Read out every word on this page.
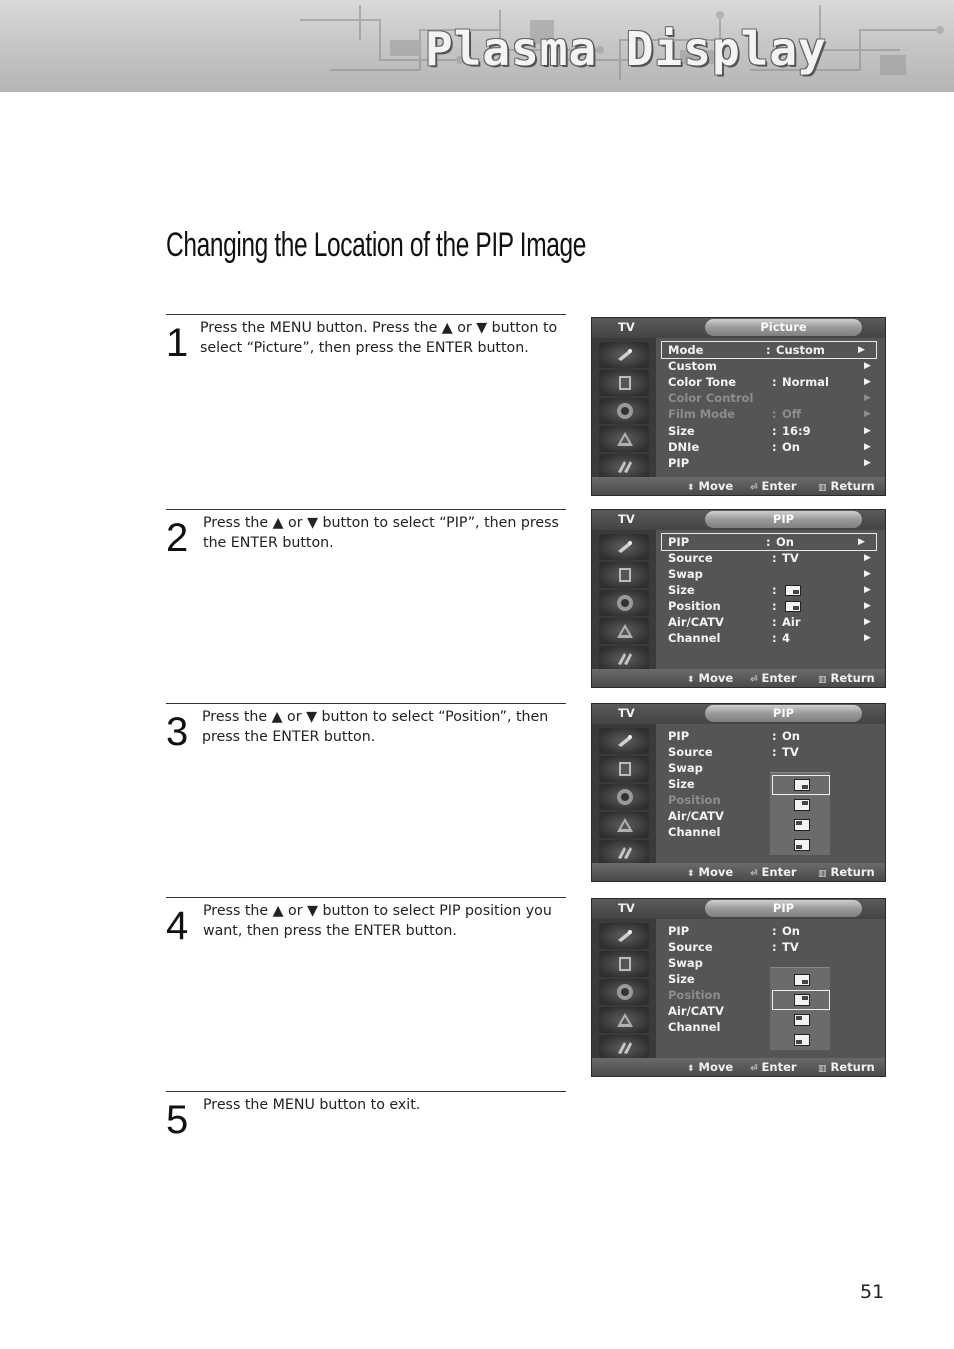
Plasma Display
Changing the Location of the PIP Image
1 Press the MENU button. Press the ▲ or ▼ button to select “Picture”, then press the ENTER button.
2 Press the ▲ or ▼ button to select “PIP”, then press the ENTER button.
3 Press the ▲ or ▼ button to select “Position”, then press the ENTER button.
4 Press the ▲ or ▼ button to select PIP position you want, then press the ENTER button.
5 Press the MENU button to exit.
TV	Picture
Mode	: Custom	▶
Custom	▶
Color Tone	: Normal	▶
Color Control	▶
Film Mode	: Off	▶
Size	: 16:9	▶
DNIe	: On	▶
PIP	▶
⬍ Move ⏎ Enter ▥ Return
TV	PIP
PIP	: On	▶
Source	: TV	▶
Swap	▶
Size	:	▶
Position	:	▶
Air/CATV	: Air	▶
Channel	: 4	▶
⬍ Move ⏎ Enter ▥ Return
TV	PIP
PIP	: On
Source	: TV
Swap
Size
Position
Air/CATV
Channel
⬍ Move ⏎ Enter ▥ Return
TV	PIP
PIP	: On
Source	: TV
Swap
Size
Position
Air/CATV
Channel
⬍ Move ⏎ Enter ▥ Return
51
